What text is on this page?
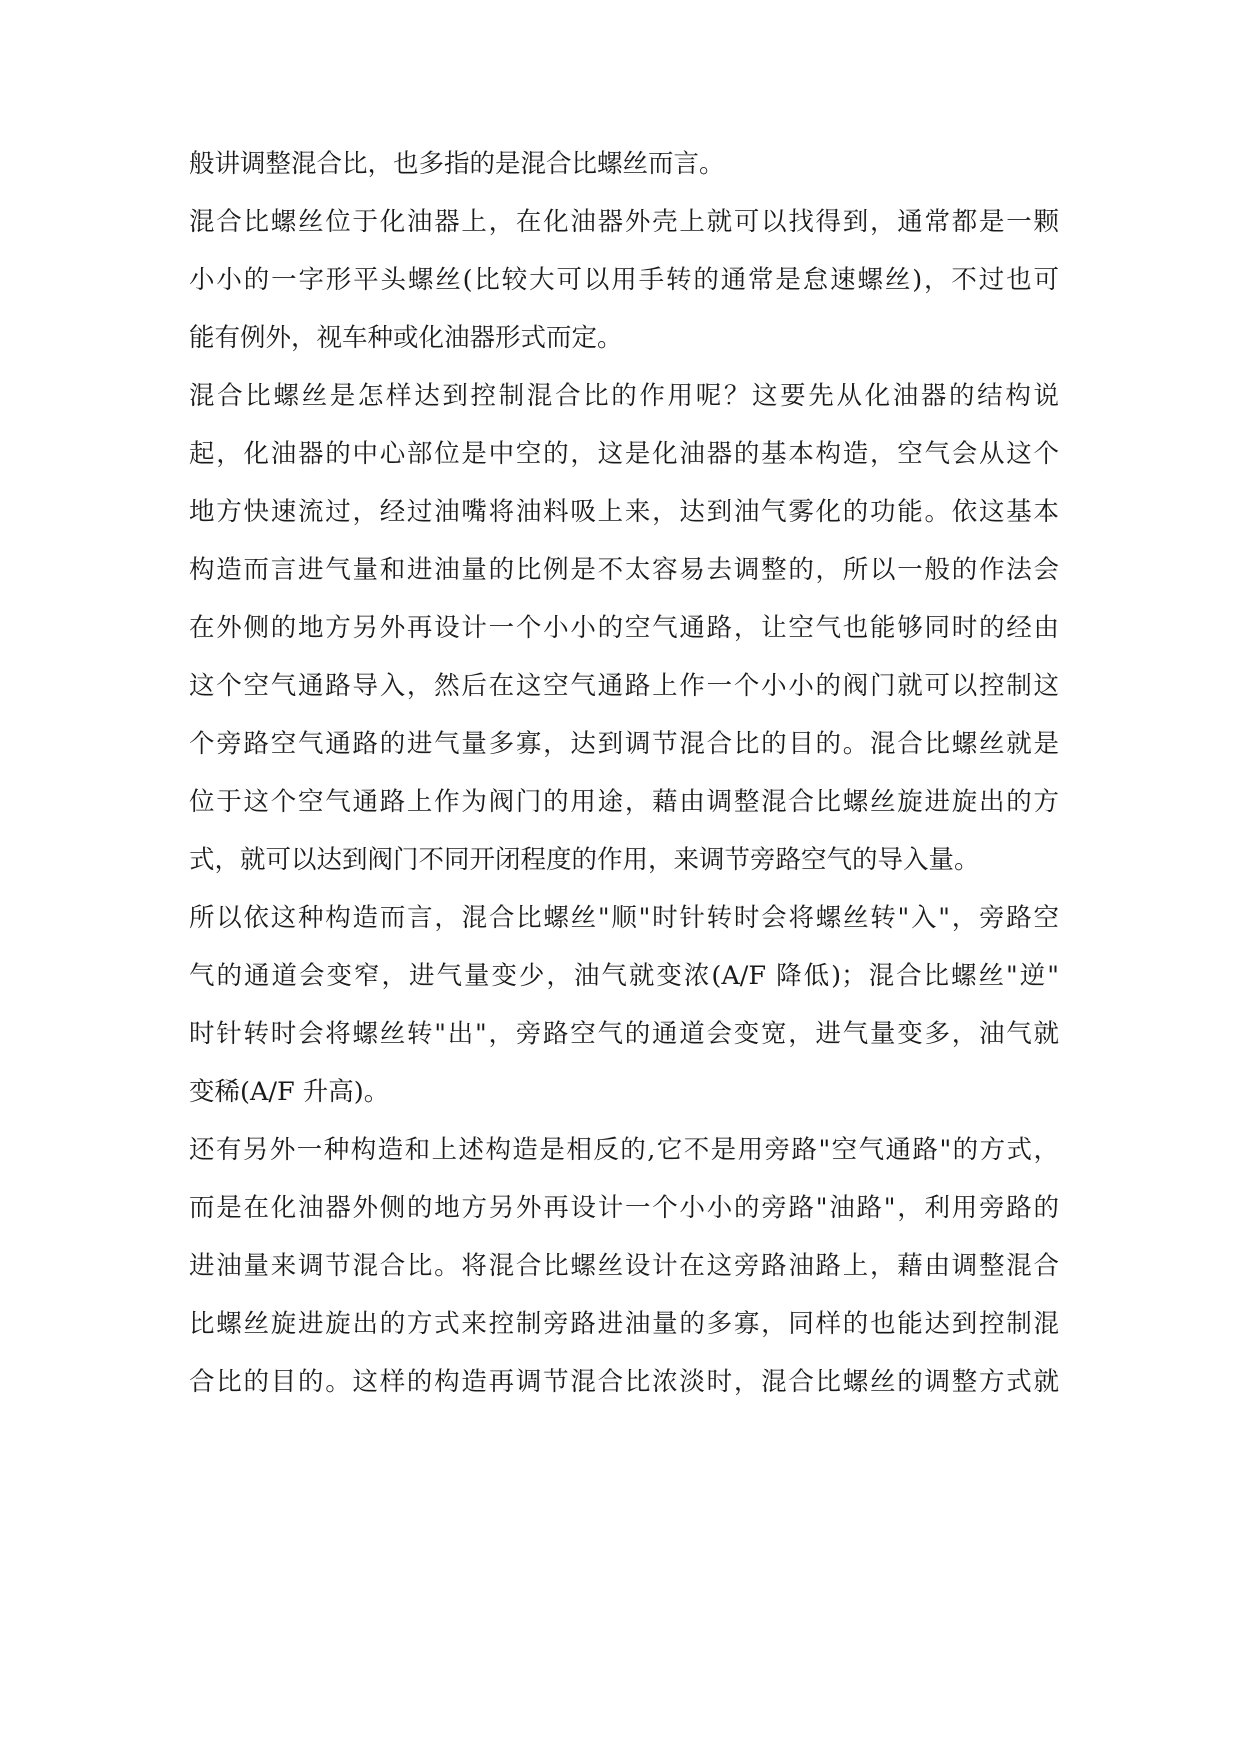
般讲调整混合比，也多指的是混合比螺丝而言。
混合比螺丝位于化油器上，在化油器外壳上就可以找得到，通常都是一颗
小小的一字形平头螺丝(比较大可以用手转的通常是怠速螺丝)，不过也可
能有例外，视车种或化油器形式而定。
混合比螺丝是怎样达到控制混合比的作用呢？这要先从化油器的结构说
起，化油器的中心部位是中空的，这是化油器的基本构造，空气会从这个
地方快速流过，经过油嘴将油料吸上来，达到油气雾化的功能。依这基本
构造而言进气量和进油量的比例是不太容易去调整的，所以一般的作法会
在外侧的地方另外再设计一个小小的空气通路，让空气也能够同时的经由
这个空气通路导入，然后在这空气通路上作一个小小的阀门就可以控制这
个旁路空气通路的进气量多寡，达到调节混合比的目的。混合比螺丝就是
位于这个空气通路上作为阀门的用途，藉由调整混合比螺丝旋进旋出的方
式，就可以达到阀门不同开闭程度的作用，来调节旁路空气的导入量。
所以依这种构造而言，混合比螺丝"顺"时针转时会将螺丝转"入"，旁路空
气的通道会变窄，进气量变少，油气就变浓(A/F 降低)；混合比螺丝"逆"
时针转时会将螺丝转"出"，旁路空气的通道会变宽，进气量变多，油气就
变稀(A/F 升高)。
还有另外一种构造和上述构造是相反的,它不是用旁路"空气通路"的方式，
而是在化油器外侧的地方另外再设计一个小小的旁路"油路"，利用旁路的
进油量来调节混合比。将混合比螺丝设计在这旁路油路上，藉由调整混合
比螺丝旋进旋出的方式来控制旁路进油量的多寡，同样的也能达到控制混
合比的目的。这样的构造再调节混合比浓淡时，混合比螺丝的调整方式就
